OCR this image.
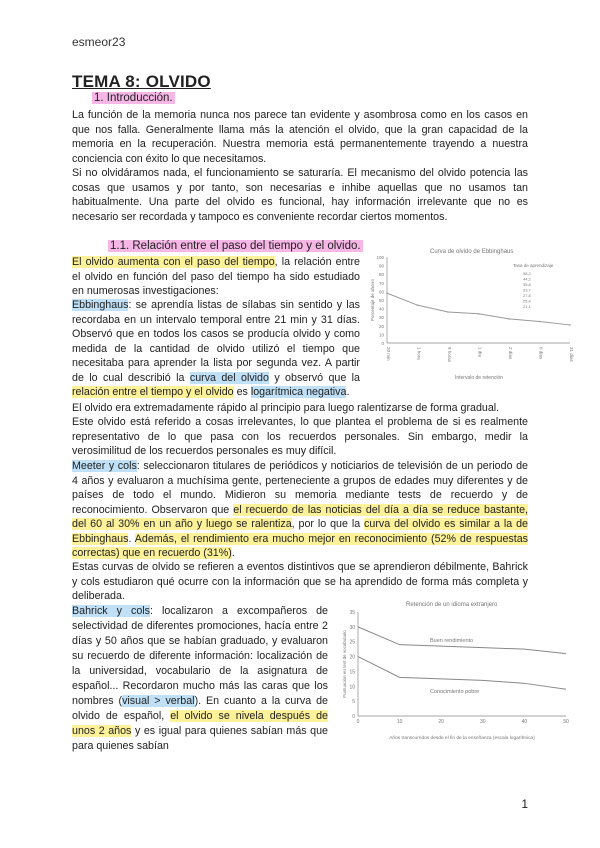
esmeor23
TEMA 8: OLVIDO
1. Introducción.

La función de la memoria nunca nos parece tan evidente y asombrosa como en los casos en que nos falla. Generalmente llama más la atención el olvido, que la gran capacidad de la memoria en la recuperación. Nuestra memoria está permanentemente trayendo a nuestra conciencia con éxito lo que necesitamos.

Si no olvidáramos nada, el funcionamiento se saturaría. El mecanismo del olvido potencia las cosas que usamos y por tanto, son necesarias e inhibe aquellas que no usamos tan habitualmente. Una parte del olvido es funcional, hay información irrelevante que no es necesario ser recordada y tampoco es conveniente recordar ciertos momentos.

1.1. Relación entre el paso del tiempo y el olvido.

El olvido aumenta con el paso del tiempo, la relación entre el olvido en función del paso del tiempo ha sido estudiado en numerosas investigaciones:

Ebbinghaus: se aprendía listas de sílabas sin sentido y las recordaba en un intervalo temporal entre 21 min y 31 días. Observó que en todos los casos se producía olvido y como medida de la cantidad de olvido utilizó el tiempo que necesitaba para aprender la lista por segunda vez. A partir de lo cual describió la curva del olvido y observó que la relación entre el tiempo y el olvido es logarítmica negativa.

El olvido era extremadamente rápido al principio para luego ralentizarse de forma gradual.

Este olvido está referido a cosas irrelevantes, lo que plantea el problema de si es realmente representativo de lo que pasa con los recuerdos personales. Sin embargo, medir la verosimilitud de los recuerdos personales es muy difícil.

Meeter y cols: seleccionaron titulares de periódicos y noticiarios de televisión de un periodo de 4 años y evaluaron a muchísima gente, perteneciente a grupos de edades muy diferentes y de países de todo el mundo. Midieron su memoria mediante tests de recuerdo y de reconocimiento. Observaron que el recuerdo de las noticias del día a día se reduce bastante, del 60 al 30% en un año y luego se ralentiza, por lo que la curva del olvido es similar a la de Ebbinghaus. Además, el rendimiento era mucho mejor en reconocimiento (52% de respuestas correctas) que en recuerdo (31%).

Estas curvas de olvido se refieren a eventos distintivos que se aprendieron débilmente, Bahrick y cols estudiaron qué ocurre con la información que se ha aprendido de forma más completa y deliberada.

Bahrick y cols: localizaron a excompañeros de selectividad de diferentes promociones, hacía entre 2 días y 50 años que se habían graduado, y evaluaron su recuerdo de diferente información: localización de la universidad, vocabulario de la asignatura de español... Recordaron mucho más las caras que los nombres (visual > verbal). En cuanto a la curva de olvido de español, el olvido se nivela después de unos 2 años y es igual para quienes sabían más que para quienes sabían

Curva de olvido de Ebbinghaus
100
90
80
70
60
50
40
30
20
10
0
20 min	1 hora	9 horas	1 día	2 días	6 días	31 días
Porcentaje de ahorro
Intervalo de retención
Tasa de aprendizaje
58,2
44,2
35,8
33,7
27,8
25,4
21,1
Retención de un idioma extranjero
0
5
10
15
20
25
30
35
0	10	20	30	40	50
Puntuación en test de vocabulario
Años transcurridos desde el fin de la enseñanza (escala logarítmica)
Buen rendimiento
Conocimiento pobre
1
